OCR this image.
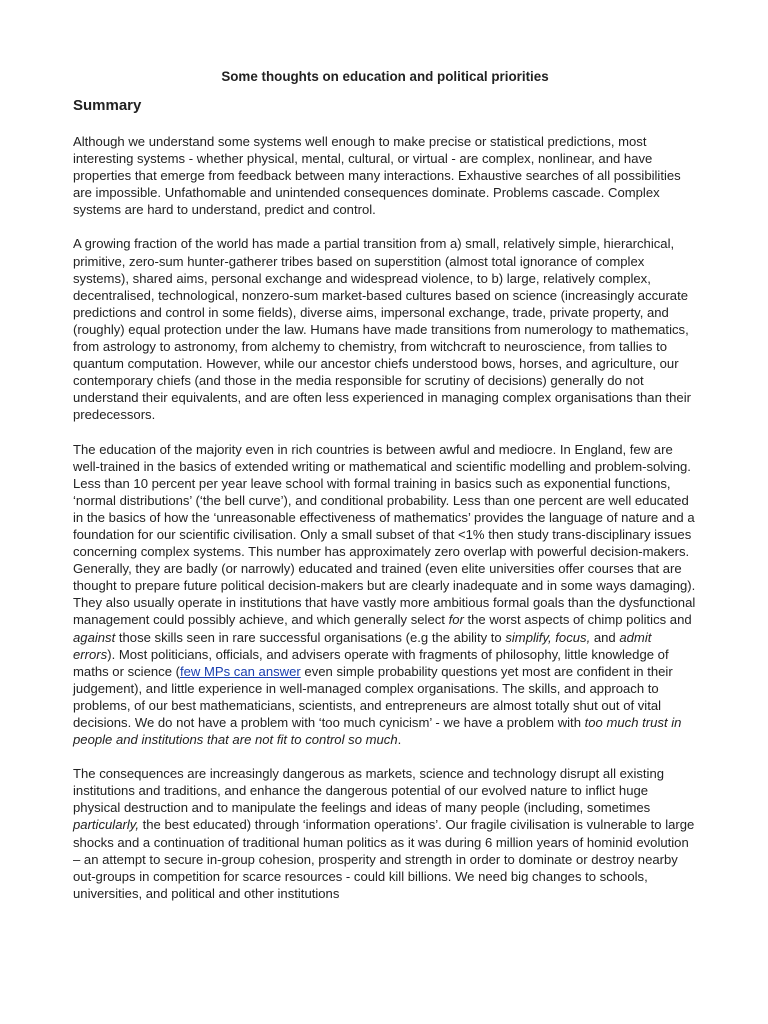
Some thoughts on education and political priorities
Summary

Although we understand some systems well enough to make precise or statistical predictions, most interesting systems - whether physical, mental, cultural, or virtual - are complex, nonlinear, and have properties that emerge from feedback between many interactions. Exhaustive searches of all possibilities are impossible. Unfathomable and unintended consequences dominate. Problems cascade. Complex systems are hard to understand, predict and control.

A growing fraction of the world has made a partial transition from a) small, relatively simple, hierarchical, primitive, zero-sum hunter-gatherer tribes based on superstition (almost total ignorance of complex systems), shared aims, personal exchange and widespread violence, to b) large, relatively complex, decentralised, technological, nonzero-sum market-based cultures based on science (increasingly accurate predictions and control in some fields), diverse aims, impersonal exchange, trade, private property, and (roughly) equal protection under the law. Humans have made transitions from numerology to mathematics, from astrology to astronomy, from alchemy to chemistry, from witchcraft to neuroscience, from tallies to quantum computation. However, while our ancestor chiefs understood bows, horses, and agriculture, our contemporary chiefs (and those in the media responsible for scrutiny of decisions) generally do not understand their equivalents, and are often less experienced in managing complex organisations than their predecessors.

The education of the majority even in rich countries is between awful and mediocre. In England, few are well-trained in the basics of extended writing or mathematical and scientific modelling and problem-solving. Less than 10 percent per year leave school with formal training in basics such as exponential functions, ‘normal distributions’ (‘the bell curve’), and conditional probability. Less than one percent are well educated in the basics of how the ‘unreasonable effectiveness of mathematics’ provides the language of nature and a foundation for our scientific civilisation. Only a small subset of that <1% then study trans-disciplinary issues concerning complex systems. This number has approximately zero overlap with powerful decision-makers. Generally, they are badly (or narrowly) educated and trained (even elite universities offer courses that are thought to prepare future political decision-makers but are clearly inadequate and in some ways damaging). They also usually operate in institutions that have vastly more ambitious formal goals than the dysfunctional management could possibly achieve, and which generally select for the worst aspects of chimp politics and against those skills seen in rare successful organisations (e.g the ability to simplify, focus, and admit errors). Most politicians, officials, and advisers operate with fragments of philosophy, little knowledge of maths or science (few MPs can answer even simple probability questions yet most are confident in their judgement), and little experience in well-managed complex organisations. The skills, and approach to problems, of our best mathematicians, scientists, and entrepreneurs are almost totally shut out of vital decisions. We do not have a problem with ‘too much cynicism’ - we have a problem with too much trust in people and institutions that are not fit to control so much.

The consequences are increasingly dangerous as markets, science and technology disrupt all existing institutions and traditions, and enhance the dangerous potential of our evolved nature to inflict huge physical destruction and to manipulate the feelings and ideas of many people (including, sometimes particularly, the best educated) through ‘information operations’. Our fragile civilisation is vulnerable to large shocks and a continuation of traditional human politics as it was during 6 million years of hominid evolution – an attempt to secure in-group cohesion, prosperity and strength in order to dominate or destroy nearby out-groups in competition for scarce resources - could kill billions. We need big changes to schools, universities, and political and other institutions
